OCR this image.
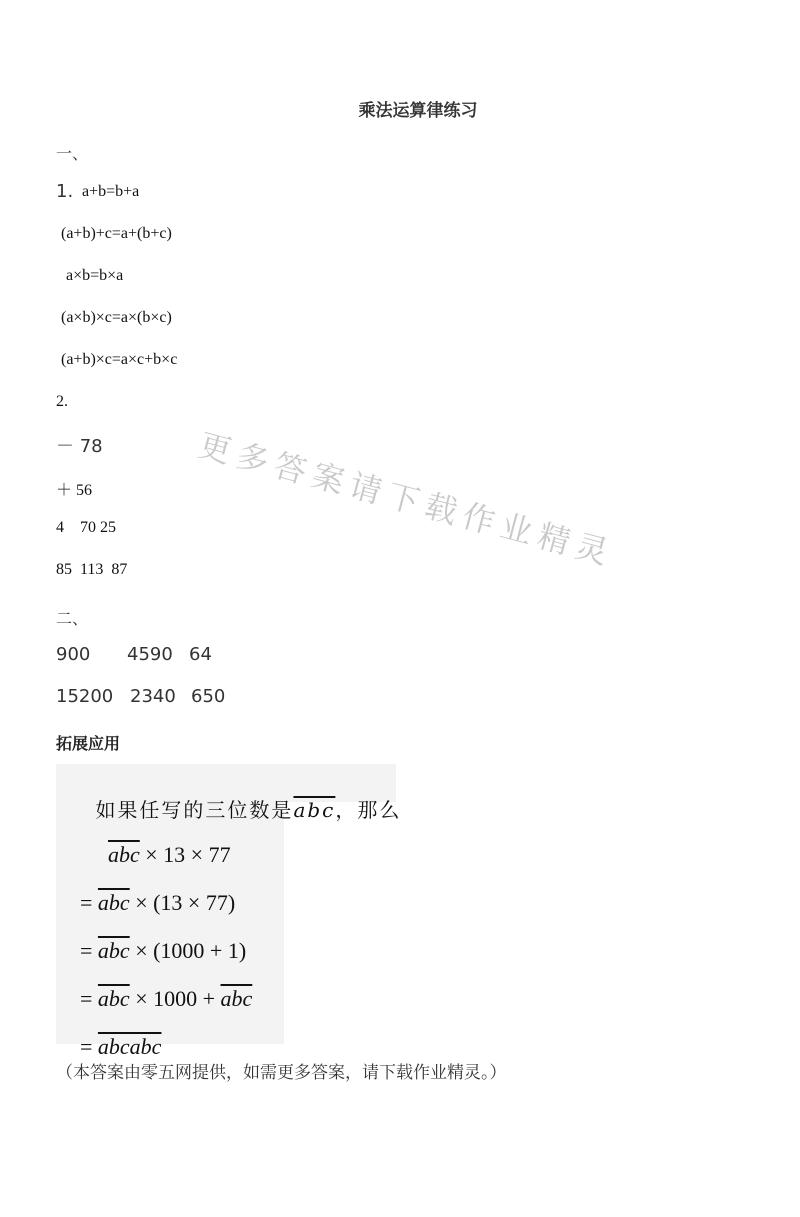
更多答案请下载作业精灵
乘法运算律练习
一、
1. a+b=b+a
(a+b)+c=a+(b+c)
a×b=b×a
(a×b)×c=a×(b×c)
(a+b)×c=a×c+b×c
2.
－ 78
＋ 56
4    70 25
85  113  87
二、
900 4590 64
15200 2340 650
拓展应用

如果任写的三位数是$\overline{abc}$，那么

$\overline{abc} \times 13 \times 77$

= $\overline{abc} \times (13 \times 77)$

= $\overline{abc} \times (1000 + 1)$

= $\overline{abc} \times 1000 + \overline{abc}$

= abcabc

（本答案由零五网提供，如需更多答案，请下载作业精灵。）
